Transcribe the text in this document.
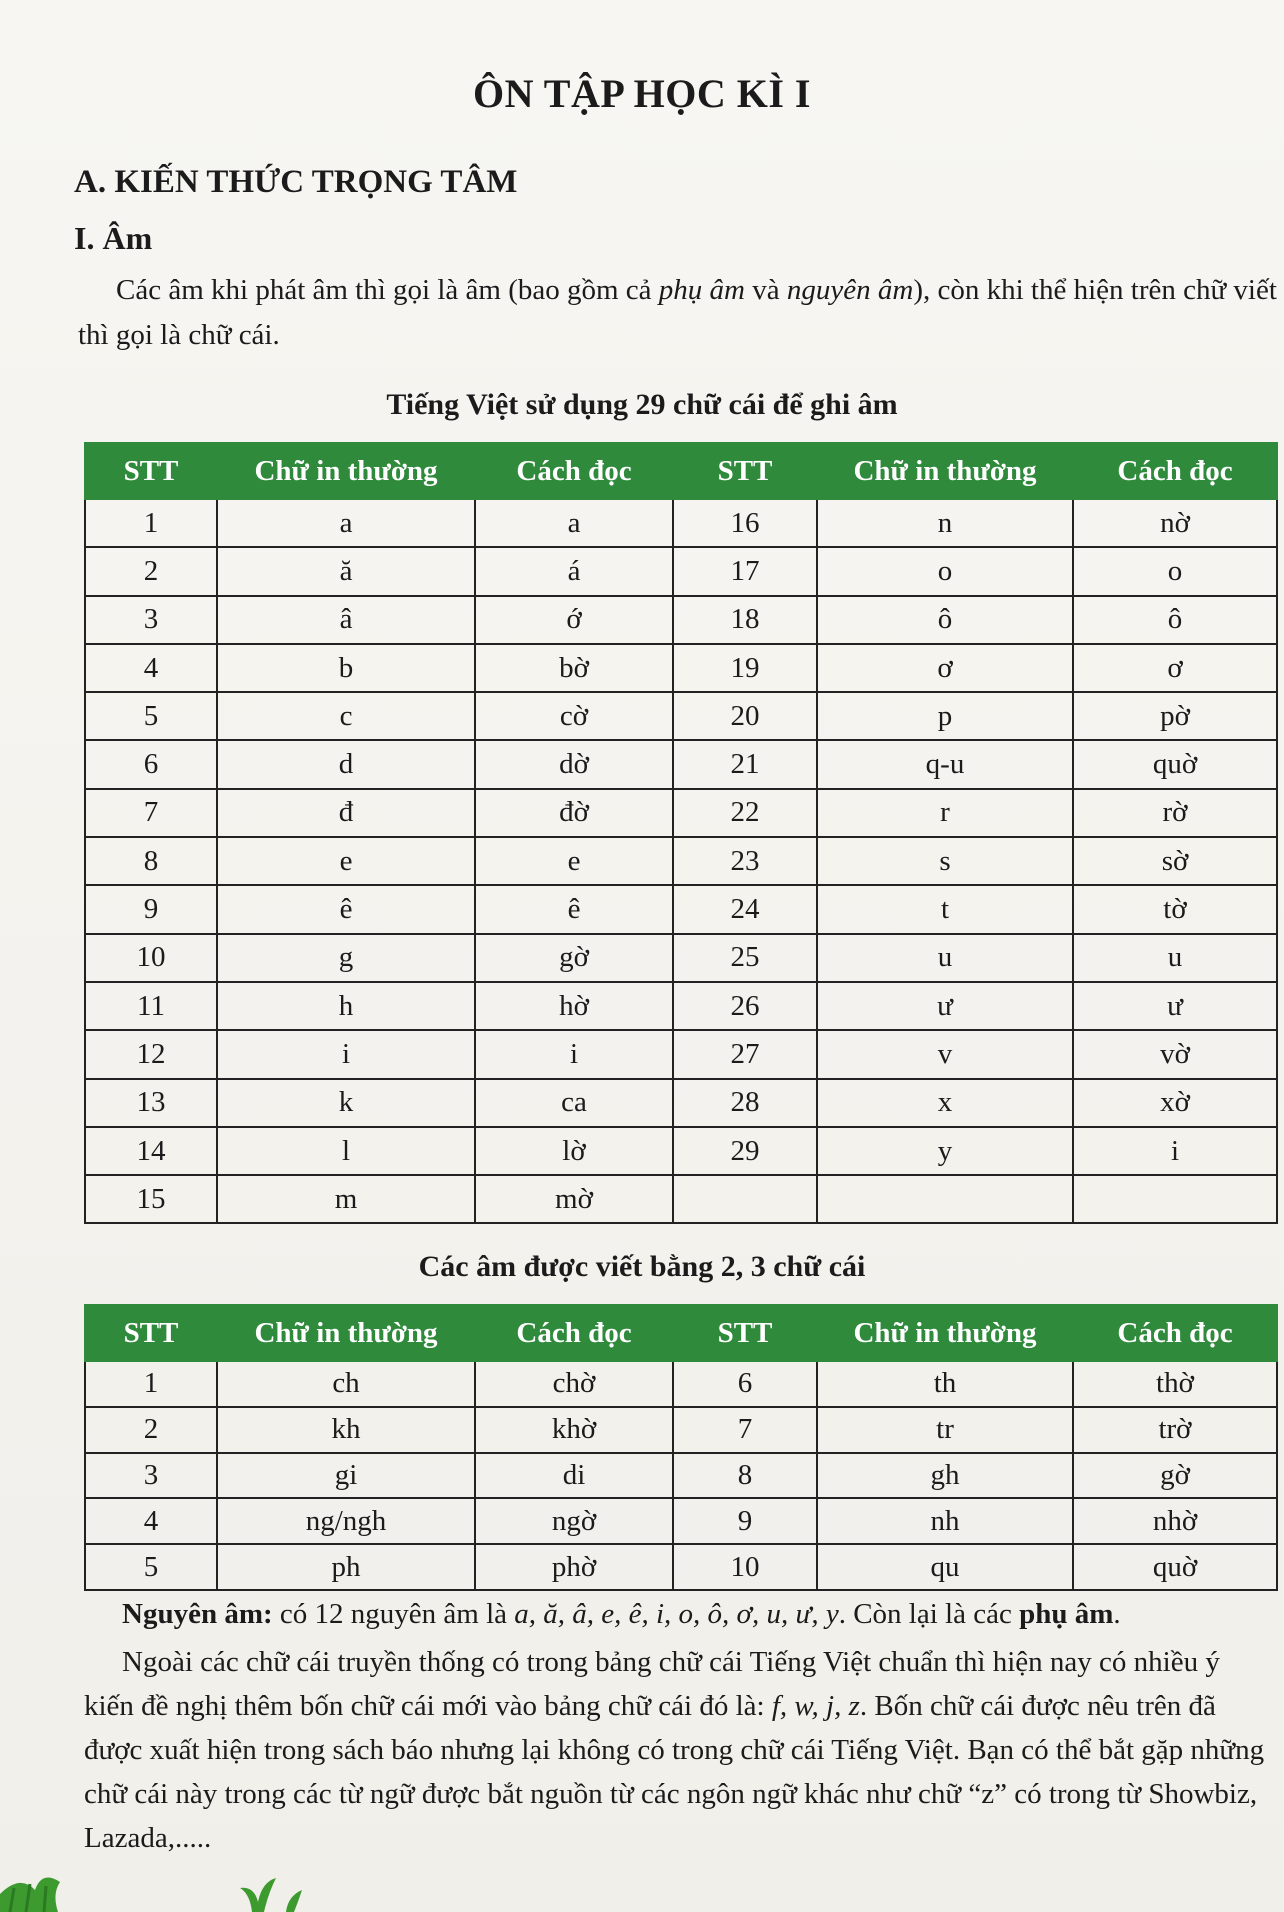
ÔN TẬP HỌC KÌ I
A. KIẾN THỨC TRỌNG TÂM
I. Âm
Các âm khi phát âm thì gọi là âm (bao gồm cả phụ âm và nguyên âm), còn khi thể hiện trên chữ viết thì gọi là chữ cái.
Tiếng Việt sử dụng 29 chữ cái để ghi âm
STT	Chữ in thường	Cách đọc	STT	Chữ in thường	Cách đọc
1	a	a	16	n	nờ
2	ă	á	17	o	o
3	â	ớ	18	ô	ô
4	b	bờ	19	ơ	ơ
5	c	cờ	20	p	pờ
6	d	dờ	21	q-u	quờ
7	đ	đờ	22	r	rờ
8	e	e	23	s	sờ
9	ê	ê	24	t	tờ
10	g	gờ	25	u	u
11	h	hờ	26	ư	ư
12	i	i	27	v	vờ
13	k	ca	28	x	xờ
14	l	lờ	29	y	i
15	m	mờ			
Các âm được viết bằng 2, 3 chữ cái
STT	Chữ in thường	Cách đọc	STT	Chữ in thường	Cách đọc
1	ch	chờ	6	th	thờ
2	kh	khờ	7	tr	trờ
3	gi	di	8	gh	gờ
4	ng/ngh	ngờ	9	nh	nhờ
5	ph	phờ	10	qu	quờ
Nguyên âm: có 12 nguyên âm là a, ă, â, e, ê, i, o, ô, ơ, u, ư, y. Còn lại là các phụ âm.
Ngoài các chữ cái truyền thống có trong bảng chữ cái Tiếng Việt chuẩn thì hiện nay có nhiều ý kiến đề nghị thêm bốn chữ cái mới vào bảng chữ cái đó là: f, w, j, z. Bốn chữ cái được nêu trên đã được xuất hiện trong sách báo nhưng lại không có trong chữ cái Tiếng Việt. Bạn có thể bắt gặp những chữ cái này trong các từ ngữ được bắt nguồn từ các ngôn ngữ khác như chữ “z” có trong từ Showbiz, Lazada,.....
